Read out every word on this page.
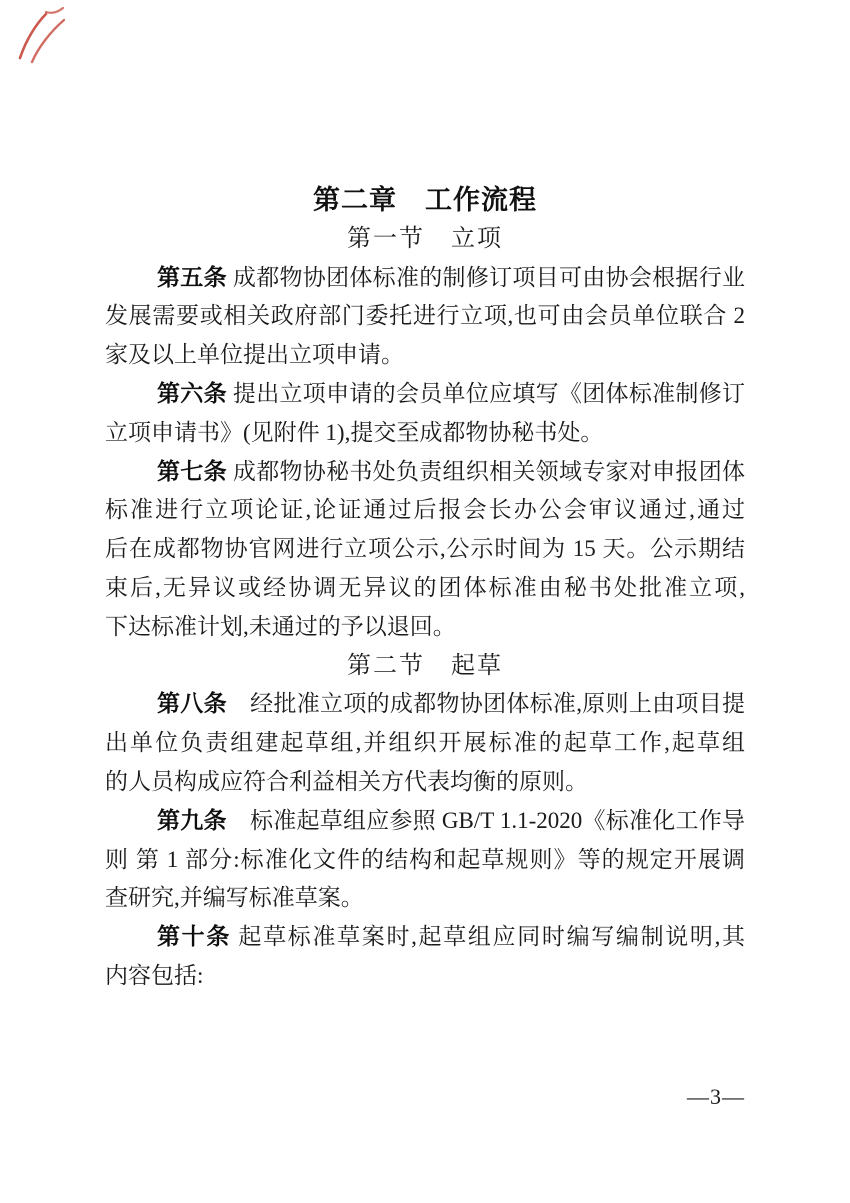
第二章　工作流程
第一节　立项
第五条 成都物协团体标准的制修订项目可由协会根据行业
发展需要或相关政府部门委托进行立项,也可由会员单位联合 2
家及以上单位提出立项申请。
第六条 提出立项申请的会员单位应填写《团体标准制修订
立项申请书》(见附件 1),提交至成都物协秘书处。
第七条 成都物协秘书处负责组织相关领域专家对申报团体
标准进行立项论证,论证通过后报会长办公会审议通过,通过
后在成都物协官网进行立项公示,公示时间为 15 天。公示期结
束后,无异议或经协调无异议的团体标准由秘书处批准立项,
下达标准计划,未通过的予以退回。
第二节　起草
第八条　经批准立项的成都物协团体标准,原则上由项目提
出单位负责组建起草组,并组织开展标准的起草工作,起草组
的人员构成应符合利益相关方代表均衡的原则。
第九条　标准起草组应参照 GB/T 1.1-2020《标准化工作导
则 第 1 部分:标准化文件的结构和起草规则》等的规定开展调
查研究,并编写标准草案。
第十条 起草标准草案时,起草组应同时编写编制说明,其
内容包括:
—3—
